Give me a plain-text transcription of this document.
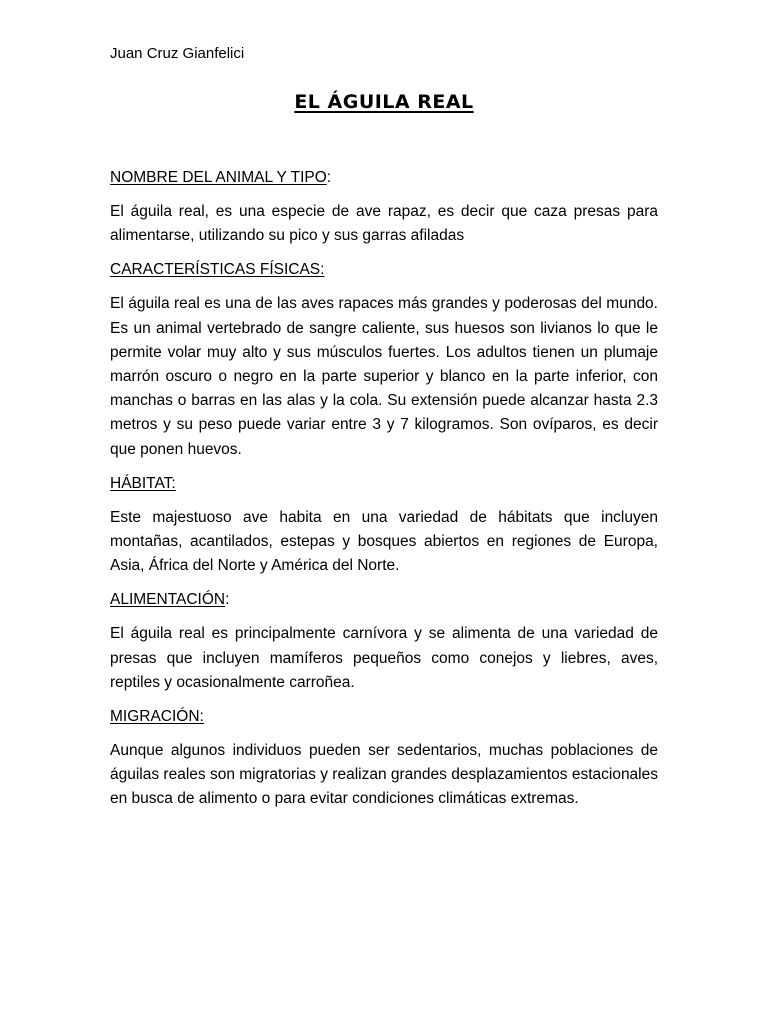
Juan Cruz Gianfelici
EL ÁGUILA REAL
NOMBRE DEL ANIMAL Y TIPO:
El águila real, es una especie de ave rapaz, es decir que caza presas para alimentarse, utilizando su pico y sus garras afiladas
CARACTERÍSTICAS FÍSICAS:
El águila real es una de las aves rapaces más grandes y poderosas del mundo. Es un animal vertebrado de sangre caliente, sus huesos son livianos lo que le permite volar muy alto y sus músculos fuertes. Los adultos tienen un plumaje marrón oscuro o negro en la parte superior y blanco en la parte inferior, con manchas o barras en las alas y la cola. Su extensión puede alcanzar hasta 2.3 metros y su peso puede variar entre 3 y 7 kilogramos. Son ovíparos, es decir que ponen huevos.
HÁBITAT:
Este majestuoso ave habita en una variedad de hábitats que incluyen montañas, acantilados, estepas y bosques abiertos en regiones de Europa, Asia, África del Norte y América del Norte.
ALIMENTACIÓN:
El águila real es principalmente carnívora y se alimenta de una variedad de presas que incluyen mamíferos pequeños como conejos y liebres, aves, reptiles y ocasionalmente carroñea.
MIGRACIÓN:
Aunque algunos individuos pueden ser sedentarios, muchas poblaciones de águilas reales son migratorias y realizan grandes desplazamientos estacionales en busca de alimento o para evitar condiciones climáticas extremas.
